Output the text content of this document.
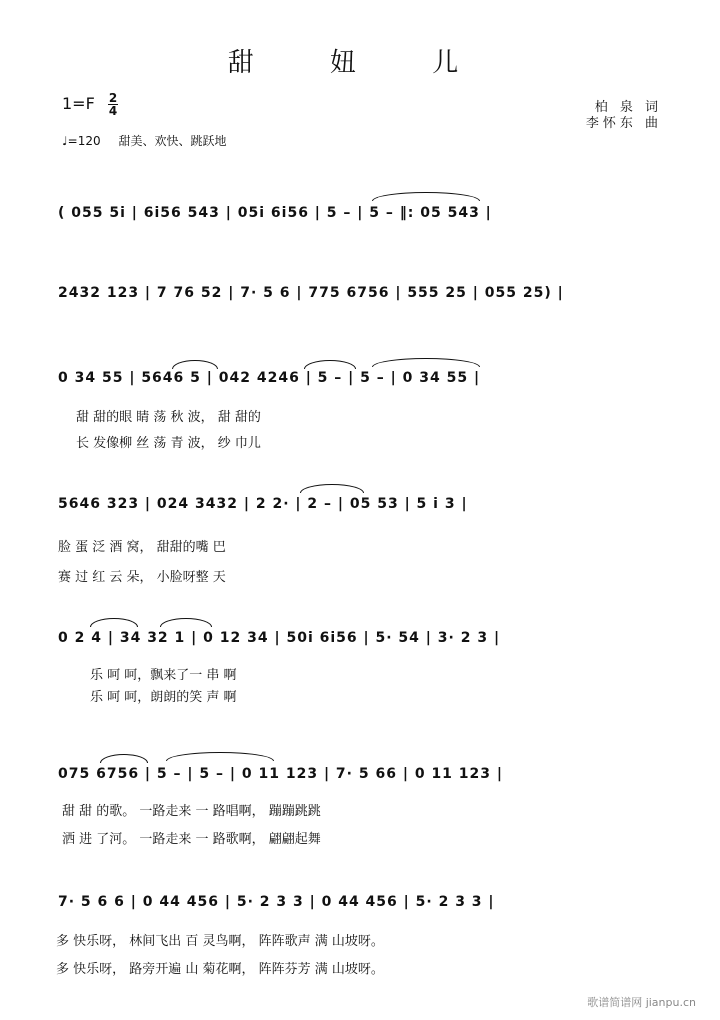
甜 妞 儿
$1=F \frac{2}{4}$	柏 泉 词
李怀东 曲
♩=120 甜美、欢快、跳跃地
( 055 5i | 6i56 543 | 05i 6i56 | 5 – | 5 – ‖: 05 543 |
2432 123 | 7 76 52 | 7· 5 6 | 775 6756 | 555 25 | 055 25) |
0 34 55 | 5646 5 | 042 4246 | 5 – | 5 – | 0 34 55 |
甜 甜的眼 睛 荡 秋 波， 甜 甜的
长 发像柳 丝 荡 青 波， 纱 巾儿
5646 323 | 024 3432 | 2 2· | 2 – | 05 53 | 5 i 3 |
脸 蛋 泛 酒 窝， 甜甜的嘴 巴
赛 过 红 云 朵， 小脸呀整 天
0 2 4 | 34 32 1 | 0 12 34 | 50i 6i56 | 5· 54 | 3· 2 3 |
乐 呵 呵，飘来了一 串 啊
乐 呵 呵，朗朗的笑 声 啊
075 6756 | 5 – | 5 – | 0 11 123 | 7· 5 66 | 0 11 123 |
甜 甜 的歌。 一路走来 一 路唱啊， 蹦蹦跳跳
洒 进 了河。 一路走来 一 路歌啊， 翩翩起舞
7· 5 6 6 | 0 44 456 | 5· 2 3 3 | 0 44 456 | 5· 2 3 3 |
多 快乐呀， 林间飞出 百 灵鸟啊， 阵阵歌声 满 山坡呀。
多 快乐呀， 路旁开遍 山 菊花啊， 阵阵芬芳 满 山坡呀。
歌谱简谱网 jianpu.cn
